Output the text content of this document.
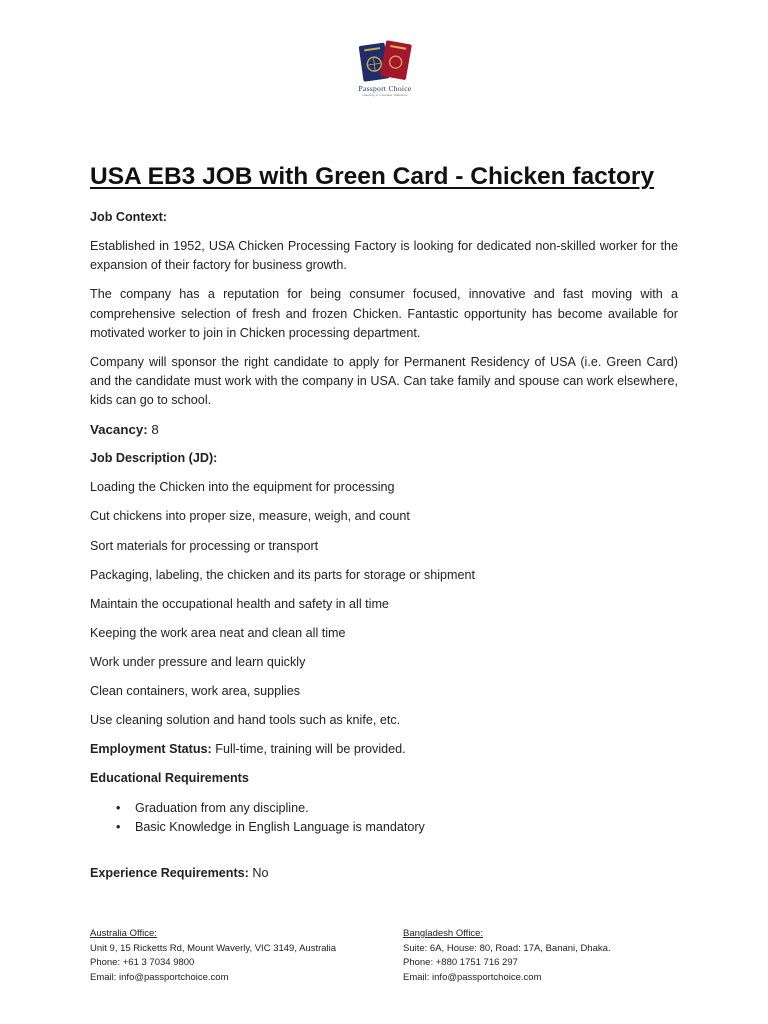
Passport Choice
Gateway to a Greater Tomorrow
USA EB3 JOB with Green Card - Chicken factory

Job Context:

Established in 1952, USA Chicken Processing Factory is looking for dedicated non-skilled worker for the expansion of their factory for business growth.

The company has a reputation for being consumer focused, innovative and fast moving with a comprehensive selection of fresh and frozen Chicken. Fantastic opportunity has become available for motivated worker to join in Chicken processing department.

Company will sponsor the right candidate to apply for Permanent Residency of USA (i.e. Green Card) and the candidate must work with the company in USA. Can take family and spouse can work elsewhere, kids can go to school.

Vacancy: 8

Job Description (JD):

Loading the Chicken into the equipment for processing

Cut chickens into proper size, measure, weigh, and count

Sort materials for processing or transport

Packaging, labeling, the chicken and its parts for storage or shipment

Maintain the occupational health and safety in all time

Keeping the work area neat and clean all time

Work under pressure and learn quickly

Clean containers, work area, supplies

Use cleaning solution and hand tools such as knife, etc.

Employment Status: Full-time, training will be provided.

Educational Requirements

• Graduation from any discipline.
• Basic Knowledge in English Language is mandatory

Experience Requirements: No

Australia Office:
Unit 9, 15 Ricketts Rd, Mount Waverly, VIC 3149, Australia
Phone: +61 3 7034 9800
Email: info@passportchoice.com
Bangladesh Office:
Suite: 6A, House: 80, Road: 17A, Banani, Dhaka.
Phone: +880 1751 716 297
Email: info@passportchoice.com
